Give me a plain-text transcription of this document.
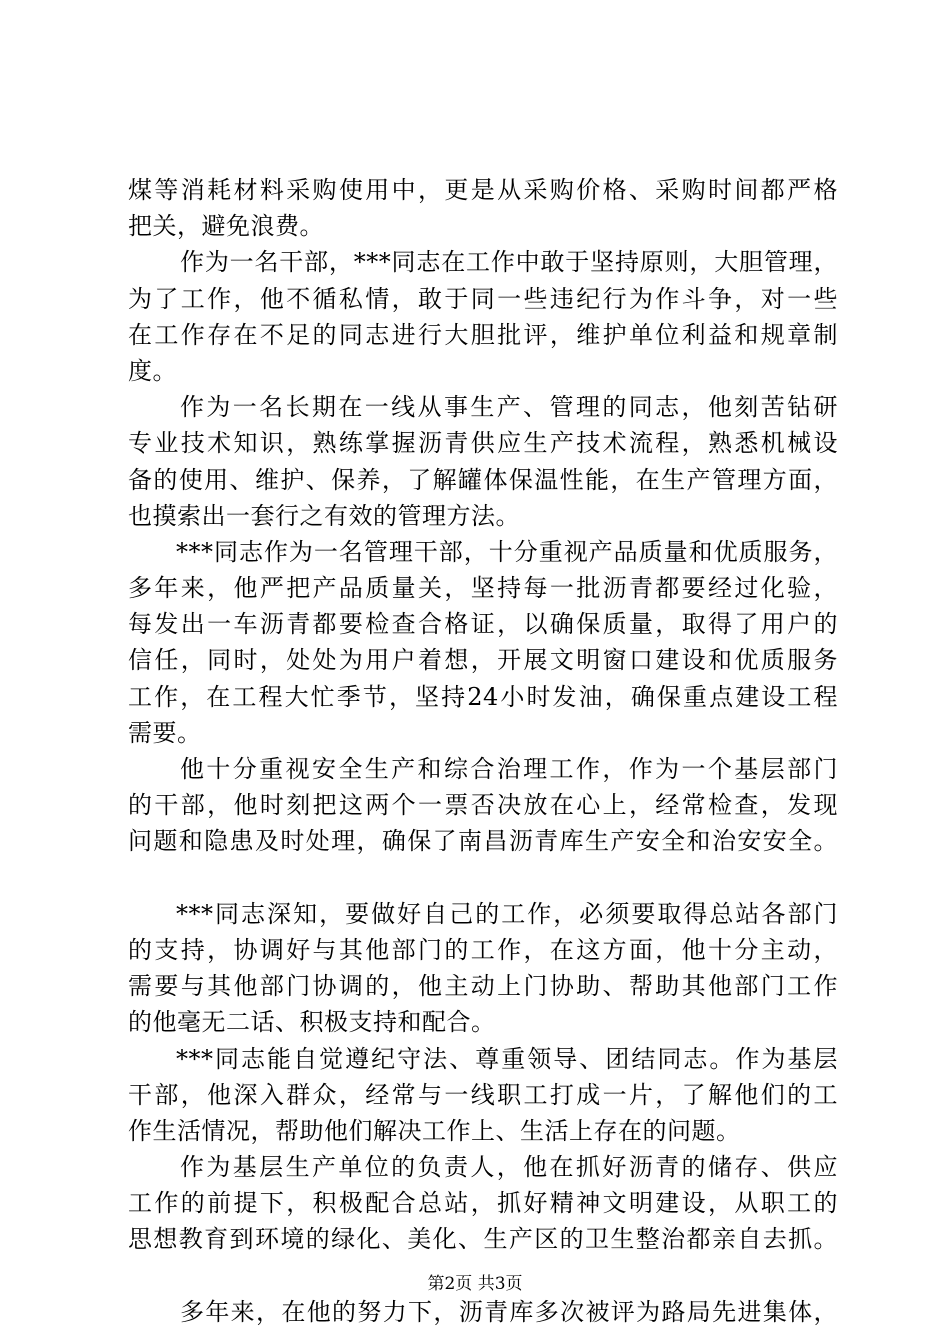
煤等消耗材料采购使用中，更是从采购价格、采购时间都严格
把关，避免浪费。
作为一名干部，***同志在工作中敢于坚持原则，大胆管理，
为了工作，他不循私情，敢于同一些违纪行为作斗争，对一些
在工作存在不足的同志进行大胆批评，维护单位利益和规章制
度。
作为一名长期在一线从事生产、管理的同志，他刻苦钻研
专业技术知识，熟练掌握沥青供应生产技术流程，熟悉机械设
备的使用、维护、保养，了解罐体保温性能，在生产管理方面，
也摸索出一套行之有效的管理方法。
***同志作为一名管理干部，十分重视产品质量和优质服务，
多年来，他严把产品质量关，坚持每一批沥青都要经过化验，
每发出一车沥青都要检查合格证，以确保质量，取得了用户的
信任，同时，处处为用户着想，开展文明窗口建设和优质服务
工作，在工程大忙季节，坚持24小时发油，确保重点建设工程
需要。
他十分重视安全生产和综合治理工作，作为一个基层部门
的干部，他时刻把这两个一票否决放在心上，经常检查，发现
问题和隐患及时处理，确保了南昌沥青库生产安全和治安安全。
***同志深知，要做好自己的工作，必须要取得总站各部门
的支持，协调好与其他部门的工作，在这方面，他十分主动，
需要与其他部门协调的，他主动上门协助、帮助其他部门工作
的他毫无二话、积极支持和配合。
***同志能自觉遵纪守法、尊重领导、团结同志。作为基层
干部，他深入群众，经常与一线职工打成一片，了解他们的工
作生活情况，帮助他们解决工作上、生活上存在的问题。
作为基层生产单位的负责人，他在抓好沥青的储存、供应
工作的前提下，积极配合总站，抓好精神文明建设，从职工的
思想教育到环境的绿化、美化、生产区的卫生整治都亲自去抓。
多年来，在他的努力下，沥青库多次被评为路局先进集体，
第2页 共3页
